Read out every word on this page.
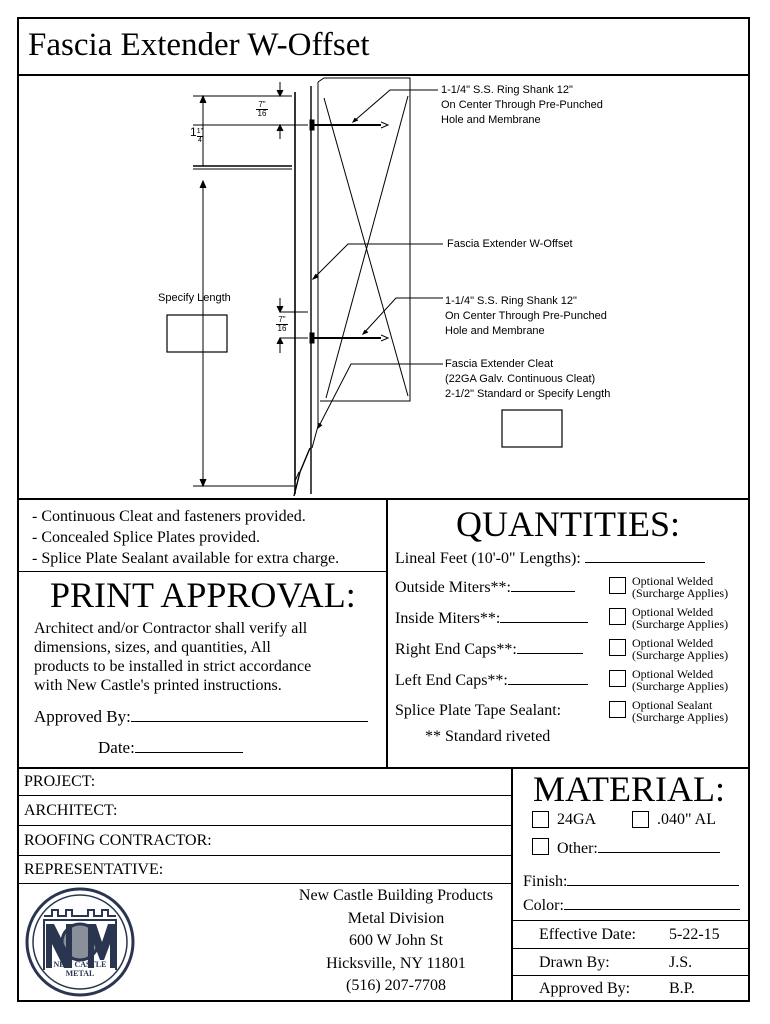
Fascia Extender W-Offset
1-1/4" S.S. Ring Shank 12"
On Center Through Pre-Punched
Hole and Membrane
Fascia Extender W-Offset
1-1/4" S.S. Ring Shank 12"
On Center Through Pre-Punched
Hole and Membrane
Fascia Extender Cleat
(22GA Galv. Continuous Cleat)
2-1/2" Standard or Specify Length
Specify Length
7"
16
11"

4
7"
16
- Continuous Cleat and fasteners provided.
- Concealed Splice Plates provided.
- Splice Plate Sealant available for extra charge.
PRINT APPROVAL:
Architect and/or Contractor shall verify all
dimensions, sizes, and quantities, All
products to be installed in strict accordance
with New Castle's printed instructions.
Approved By:
Date:
QUANTITIES:
Lineal Feet (10'-0" Lengths):
Outside Miters**:
Inside Miters**:
Right End Caps**:
Left End Caps**:
Splice Plate Tape Sealant:
Optional Welded
(Surcharge Applies)
Optional Welded
(Surcharge Applies)
Optional Welded
(Surcharge Applies)
Optional Welded
(Surcharge Applies)
Optional Sealant
(Surcharge Applies)
** Standard riveted
PROJECT:
ARCHITECT:
ROOFING CONTRACTOR:
REPRESENTATIVE:
NEW CASTLE
METAL
New Castle Building Products
Metal Division
600 W John St
Hicksville, NY 11801
(516) 207-7708
MATERIAL:
24GA	.040" AL
Other:
Finish:
Color:
Effective Date: 5-22-15
Drawn By:	J.S.
Approved By: B.P.
